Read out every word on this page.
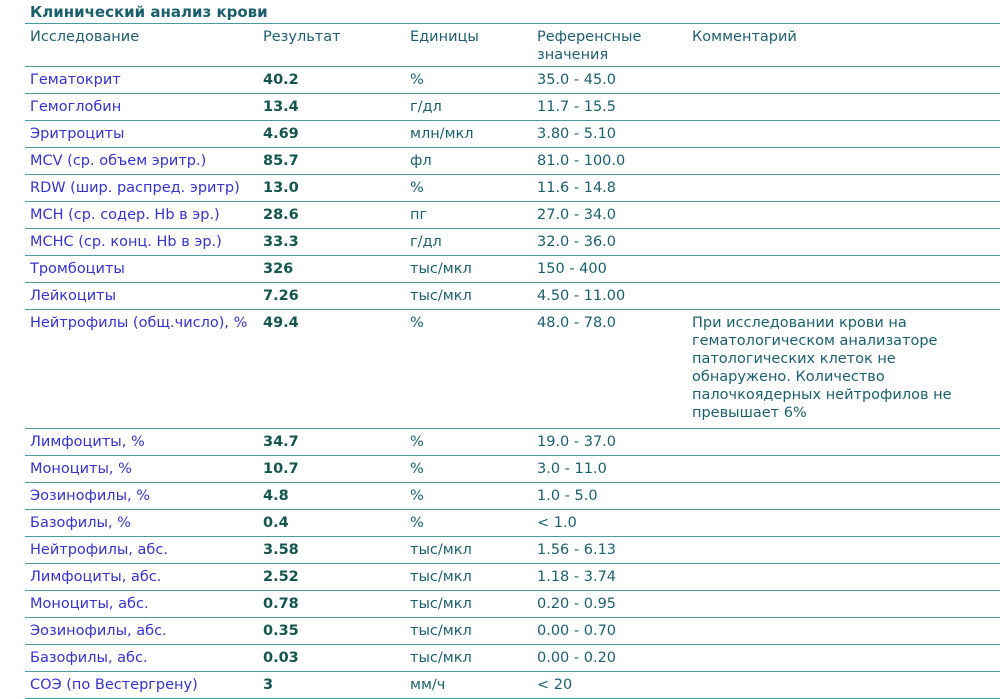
Клинический анализ крови
Исследование	Результат	Единицы	Референсные значения	Комментарий
Гематокрит	40.2	%	35.0 - 45.0	
Гемоглобин	13.4	г/дл	11.7 - 15.5	
Эритроциты	4.69	млн/мкл	3.80 - 5.10	
MCV (ср. объем эритр.)	85.7	фл	81.0 - 100.0	
RDW (шир. распред. эритр)	13.0	%	11.6 - 14.8	
MCH (ср. содер. Hb в эр.)	28.6	пг	27.0 - 34.0	
MCHC (ср. конц. Hb в эр.)	33.3	г/дл	32.0 - 36.0	
Тромбоциты	326	тыс/мкл	150 - 400	
Лейкоциты	7.26	тыс/мкл	4.50 - 11.00	
Нейтрофилы (общ.число), %	49.4	%	48.0 - 78.0	При исследовании крови на гематологическом анализаторе патологических клеток не обнаружено. Количество палочкоядерных нейтрофилов не превышает 6%
Лимфоциты, %	34.7	%	19.0 - 37.0	
Моноциты, %	10.7	%	3.0 - 11.0	
Эозинофилы, %	4.8	%	1.0 - 5.0	
Базофилы, %	0.4	%	< 1.0	
Нейтрофилы, абс.	3.58	тыс/мкл	1.56 - 6.13	
Лимфоциты, абс.	2.52	тыс/мкл	1.18 - 3.74	
Моноциты, абс.	0.78	тыс/мкл	0.20 - 0.95	
Эозинофилы, абс.	0.35	тыс/мкл	0.00 - 0.70	
Базофилы, абс.	0.03	тыс/мкл	0.00 - 0.20	
СОЭ (по Вестергрену)	3	мм/ч	< 20	
